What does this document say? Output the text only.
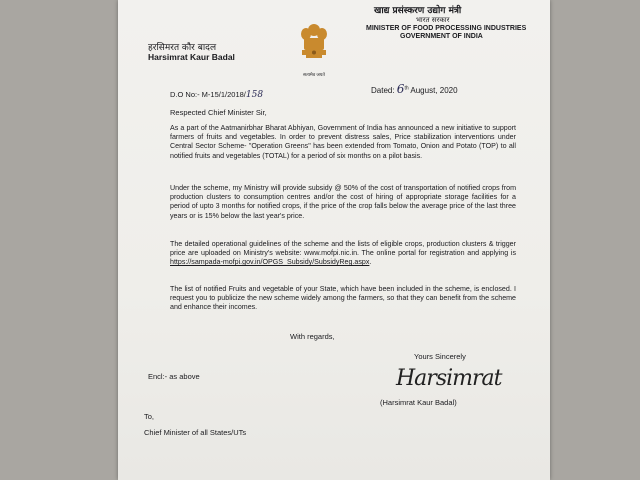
हरसिमरत कौर बादल
Harsimrat Kaur Badal
सत्यमेव जयते
खाद्य प्रसंस्करण उद्योग मंत्री
भारत सरकार
MINISTER OF FOOD PROCESSING INDUSTRIES
GOVERNMENT OF INDIA
D.O No:- M-15/1/2018/158	Dated: 6th August, 2020
Respected Chief Minister Sir,
As a part of the Aatmanirbhar Bharat Abhiyan, Government of India has announced a new initiative to support farmers of fruits and vegetables. In order to prevent distress sales, Price stabilization interventions under Central Sector Scheme- "Operation Greens" has been extended from Tomato, Onion and Potato (TOP) to all notified fruits and vegetables (TOTAL) for a period of six months on a pilot basis.
Under the scheme, my Ministry will provide subsidy @ 50% of the cost of transportation of notified crops from production clusters to consumption centres and/or the cost of hiring of appropriate storage facilities for a period of upto 3 months for notified crops, if the price of the crop falls below the average price of the last three years or is 15% below the last year's price.
The detailed operational guidelines of the scheme and the lists of eligible crops, production clusters & trigger price are uploaded on Ministry's website: www.mofpi.nic.in. The online portal for registration and applying is https://sampada-mofpi.gov.in/OPGS_Subsidy/SubsidyReg.aspx.
The list of notified Fruits and vegetable of your State, which have been included in the scheme, is enclosed. I request you to publicize the new scheme widely among the farmers, so that they can benefit from the scheme and enhance their incomes.
With regards,
Yours Sincerely
Encl:- as above	Harsimrat
(Harsimrat Kaur Badal)
To,
Chief Minister of all States/UTs
